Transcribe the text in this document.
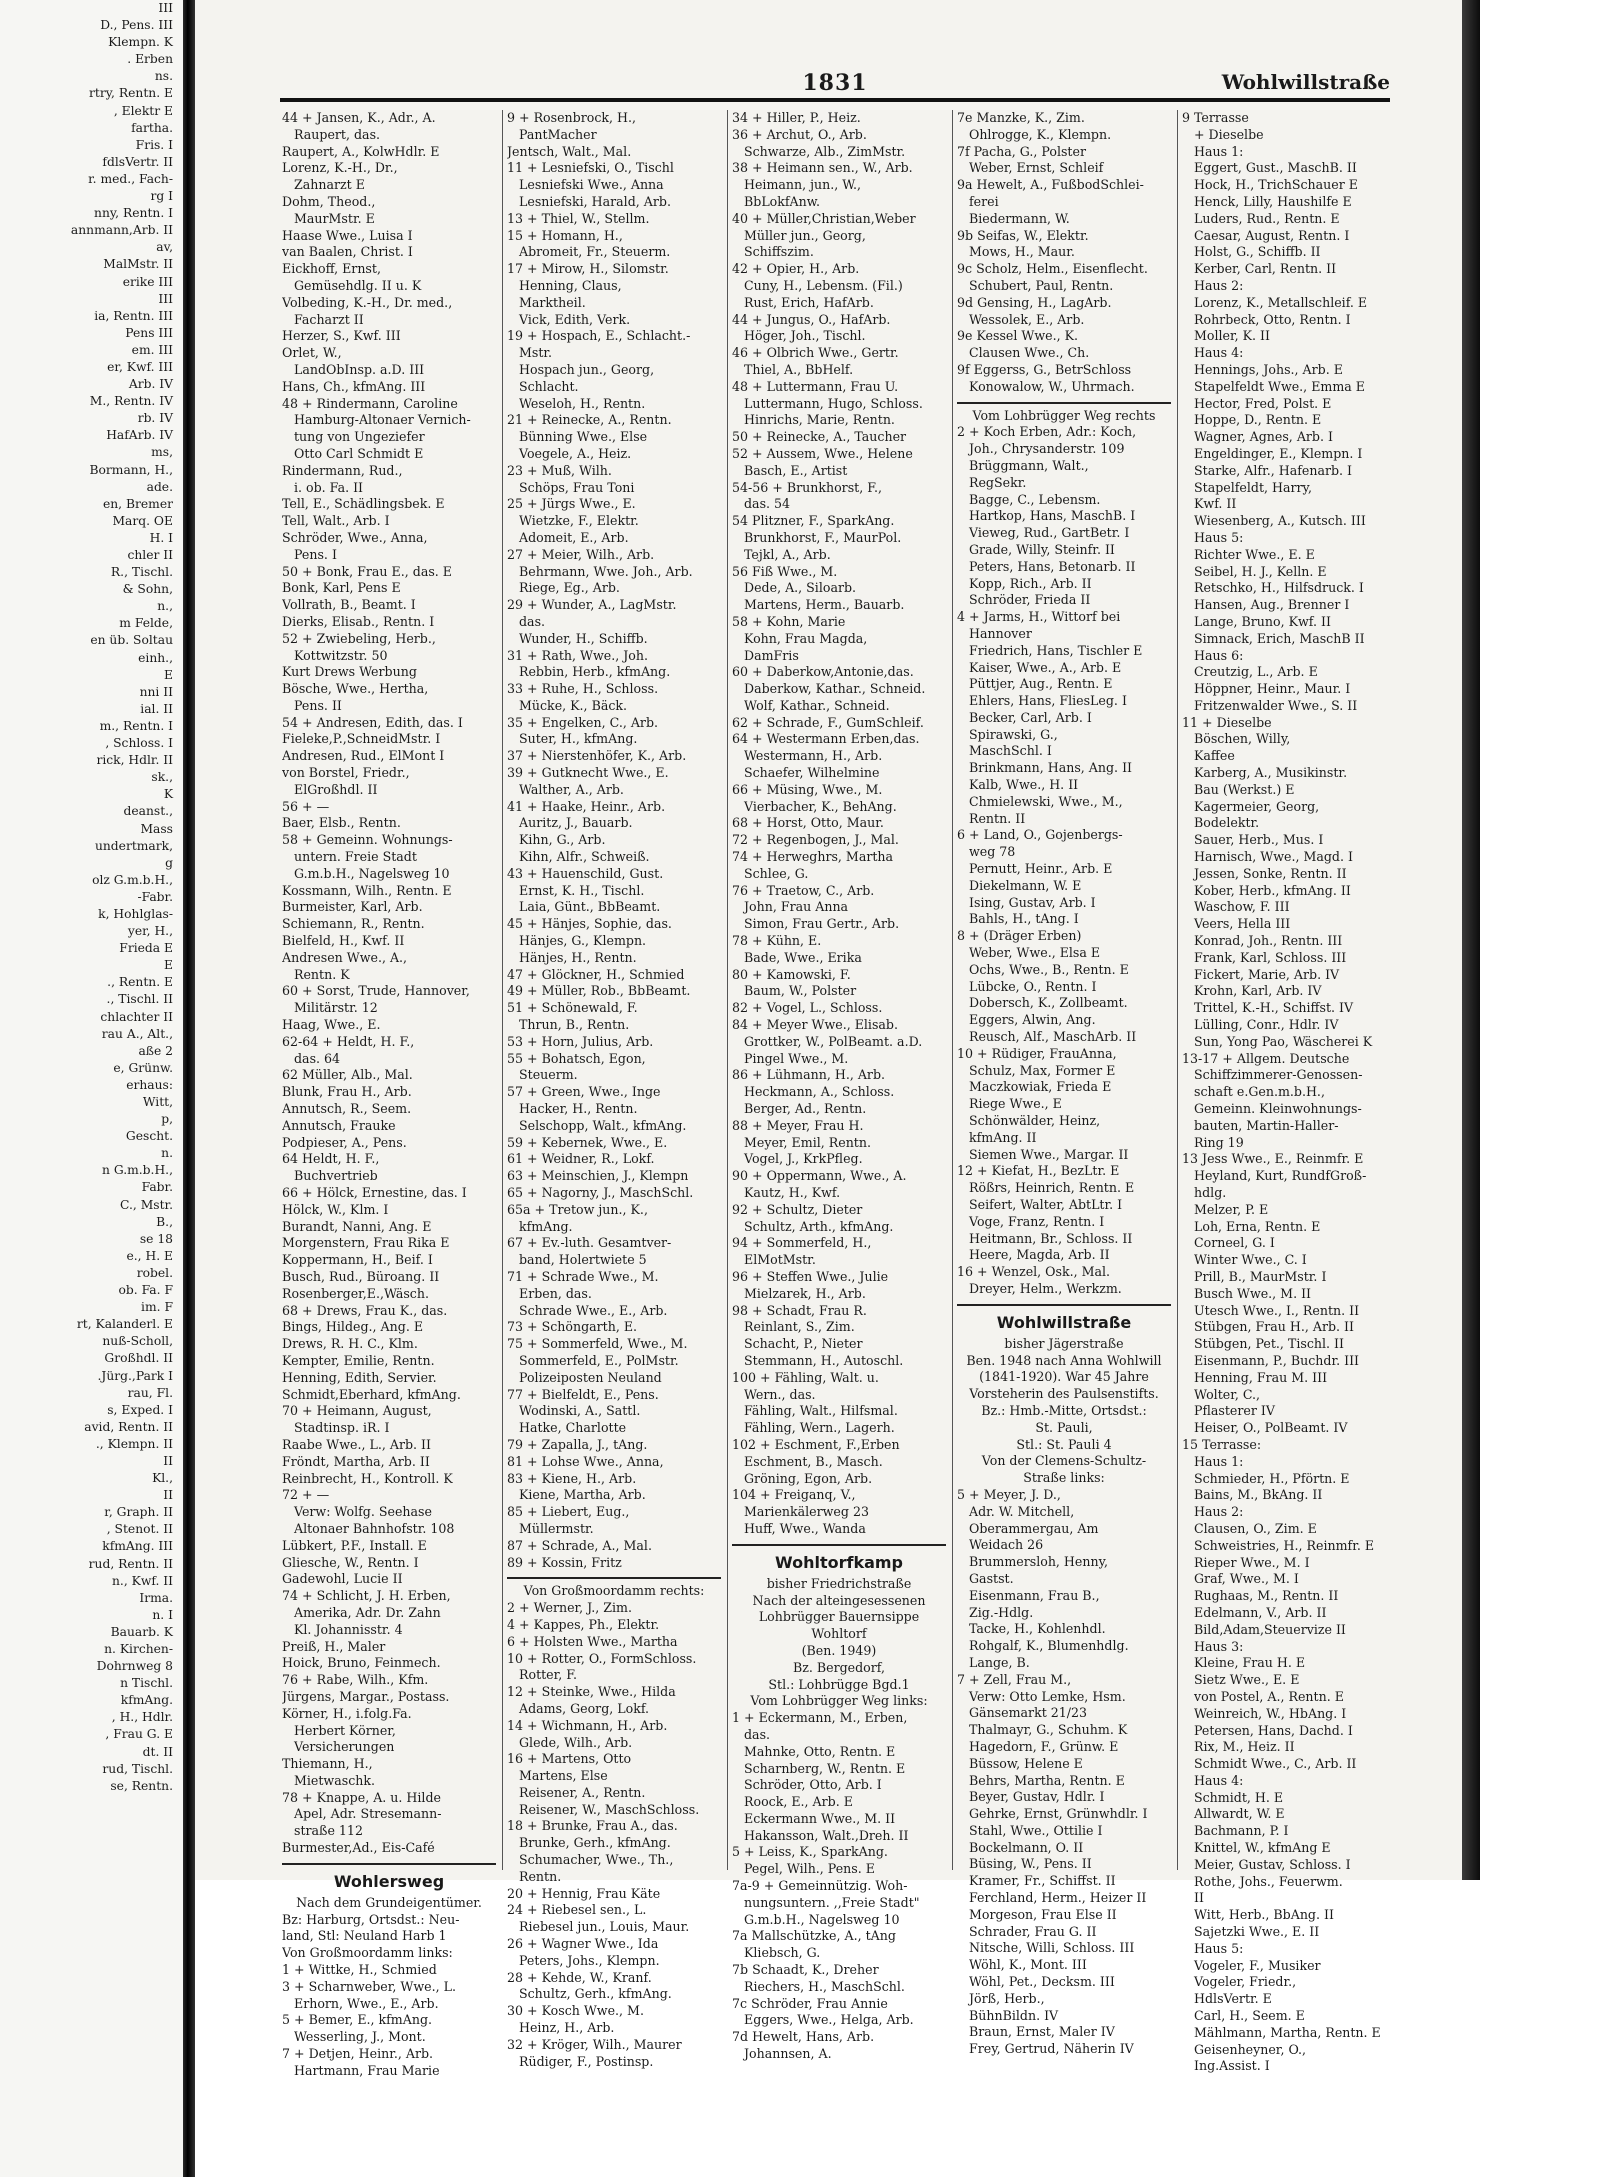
III
D., Pens. III
Klempn. K
. Erben
ns.
rtry, Rentn. E
, Elektr E
fartha.
Fris. I
fdlsVertr. II
r. med., Fach-
rg I
nny, Rentn. I
annmann,Arb. II
av,
MalMstr. II
erike III
III
ia, Rentn. III
Pens III
em. III
er, Kwf. III
Arb. IV
M., Rentn. IV
rb. IV
HafArb. IV
ms,
Bormann, H.,
ade.
en, Bremer
Marq. OE
H. I
chler II
R., Tischl.
& Sohn,
n.,
m Felde,
en üb. Soltau
einh.,
E
nni II
ial. II
m., Rentn. I
, Schloss. I
rick, Hdlr. II
sk.,
K
deanst.,
Mass
undertmark,
g
olz G.m.b.H.,
-Fabr.
k, Hohlglas-
yer, H.,
Frieda E
E
., Rentn. E
., Tischl. II
chlachter II
rau A., Alt.,
aße 2
e, Grünw.
erhaus:
Witt,
p,
Gescht.
n.
n G.m.b.H.,
Fabr.
C., Mstr.
B.,
se 18
e., H. E
robel.
ob. Fa. F
im. F
rt, Kalanderl. E
nuß-Scholl,
Großhdl. II
.Jürg.,Park I
rau, Fl.
s, Exped. I
avid, Rentn. II
., Klempn. II
II
Kl.,
II
r, Graph. II
, Stenot. II
kfmAng. III
rud, Rentn. II
n., Kwf. II
Irma.
n. I
Bauarb. K
n. Kirchen-
Dohrnweg 8
n Tischl.
kfmAng.
, H., Hdlr.
, Frau G. E
dt. II
rud, Tischl.
se, Rentn.
1831	Wohlwillstraße
44 + Jansen, K., Adr., A.
Raupert, das.
Raupert, A., KolwHdlr. E
Lorenz, K.-H., Dr.,
Zahnarzt E
Dohm, Theod.,
MaurMstr. E
Haase Wwe., Luisa I
van Baalen, Christ. I
Eickhoff, Ernst,
Gemüsehdlg. II u. K
Volbeding, K.-H., Dr. med.,
Facharzt II
Herzer, S., Kwf. III
Orlet, W.,
LandObInsp. a.D. III
Hans, Ch., kfmAng. III
48 + Rindermann, Caroline
Hamburg-Altonaer Vernich-
tung von Ungeziefer
Otto Carl Schmidt E
Rindermann, Rud.,
i. ob. Fa. II
Tell, E., Schädlingsbek. E
Tell, Walt., Arb. I
Schröder, Wwe., Anna,
Pens. I
50 + Bonk, Frau E., das. E
Bonk, Karl, Pens E
Vollrath, B., Beamt. I
Dierks, Elisab., Rentn. I
52 + Zwiebeling, Herb.,
Kottwitzstr. 50
Kurt Drews Werbung
Bösche, Wwe., Hertha,
Pens. II
54 + Andresen, Edith, das. I
Fieleke,P.,SchneidMstr. I
Andresen, Rud., ElMont I
von Borstel, Friedr.,
ElGroßhdl. II
56 + —
Baer, Elsb., Rentn.
58 + Gemeinn. Wohnungs-
untern. Freie Stadt
G.m.b.H., Nagelsweg 10
Kossmann, Wilh., Rentn. E
Burmeister, Karl, Arb.
Schiemann, R., Rentn.
Bielfeld, H., Kwf. II
Andresen Wwe., A.,
Rentn. K
60 + Sorst, Trude, Hannover,
Militärstr. 12
Haag, Wwe., E.
62-64 + Heldt, H. F.,
das. 64
62 Müller, Alb., Mal.
Blunk, Frau H., Arb.
Annutsch, R., Seem.
Annutsch, Frauke
Podpieser, A., Pens.
64 Heldt, H. F.,
Buchvertrieb
66 + Hölck, Ernestine, das. I
Hölck, W., Klm. I
Burandt, Nanni, Ang. E
Morgenstern, Frau Rika E
Koppermann, H., Beif. I
Busch, Rud., Büroang. II
Rosenberger,E.,Wäsch.
68 + Drews, Frau K., das.
Bings, Hildeg., Ang. E
Drews, R. H. C., Klm.
Kempter, Emilie, Rentn.
Henning, Edith, Servier.
Schmidt,Eberhard, kfmAng.
70 + Heimann, August,
Stadtinsp. iR. I
Raabe Wwe., L., Arb. II
Fröndt, Martha, Arb. II
Reinbrecht, H., Kontroll. K
72 + —
Verw: Wolfg. Seehase
Altonaer Bahnhofstr. 108
Lübkert, P.F., Install. E
Gliesche, W., Rentn. I
Gadewohl, Lucie II
74 + Schlicht, J. H. Erben,
Amerika, Adr. Dr. Zahn
Kl. Johannisstr. 4
Preiß, H., Maler
Hoick, Bruno, Feinmech.
76 + Rabe, Wilh., Kfm.
Jürgens, Margar., Postass.
Körner, H., i.folg.Fa.
Herbert Körner,
Versicherungen
Thiemann, H.,
Mietwaschk.
78 + Knappe, A. u. Hilde
Apel, Adr. Stresemann-
straße 112
Burmester,Ad., Eis-Café
Wohlersweg
Nach dem Grundeigentümer.
Bz: Harburg, Ortsdst.: Neu-
land, Stl: Neuland Harb 1
Von Großmoordamm links:
1 + Wittke, H., Schmied
3 + Scharnweber, Wwe., L.
Erhorn, Wwe., E., Arb.
5 + Bemer, E., kfmAng.
Wesserling, J., Mont.
7 + Detjen, Heinr., Arb.
Hartmann, Frau Marie
9 + Rosenbrock, H.,
PantMacher
Jentsch, Walt., Mal.
11 + Lesniefski, O., Tischl
Lesniefski Wwe., Anna
Lesniefski, Harald, Arb.
13 + Thiel, W., Stellm.
15 + Homann, H.,
Abromeit, Fr., Steuerm.
17 + Mirow, H., Silomstr.
Henning, Claus,
Marktheil.
Vick, Edith, Verk.
19 + Hospach, E., Schlacht.-
Mstr.
Hospach jun., Georg,
Schlacht.
Weseloh, H., Rentn.
21 + Reinecke, A., Rentn.
Bünning Wwe., Else
Voegele, A., Heiz.
23 + Muß, Wilh.
Schöps, Frau Toni
25 + Jürgs Wwe., E.
Wietzke, F., Elektr.
Adomeit, E., Arb.
27 + Meier, Wilh., Arb.
Behrmann, Wwe. Joh., Arb.
Riege, Eg., Arb.
29 + Wunder, A., LagMstr.
das.
Wunder, H., Schiffb.
31 + Rath, Wwe., Joh.
Rebbin, Herb., kfmAng.
33 + Ruhe, H., Schloss.
Mücke, K., Bäck.
35 + Engelken, C., Arb.
Suter, H., kfmAng.
37 + Nierstenhöfer, K., Arb.
39 + Gutknecht Wwe., E.
Walther, A., Arb.
41 + Haake, Heinr., Arb.
Auritz, J., Bauarb.
Kihn, G., Arb.
Kihn, Alfr., Schweiß.
43 + Hauenschild, Gust.
Ernst, K. H., Tischl.
Laia, Günt., BbBeamt.
45 + Hänjes, Sophie, das.
Hänjes, G., Klempn.
Hänjes, H., Rentn.
47 + Glöckner, H., Schmied
49 + Müller, Rob., BbBeamt.
51 + Schönewald, F.
Thrun, B., Rentn.
53 + Horn, Julius, Arb.
55 + Bohatsch, Egon,
Steuerm.
57 + Green, Wwe., Inge
Hacker, H., Rentn.
Selschopp, Walt., kfmAng.
59 + Kebernek, Wwe., E.
61 + Weidner, R., Lokf.
63 + Meinschien, J., Klempn
65 + Nagorny, J., MaschSchl.
65a + Tretow jun., K.,
kfmAng.
67 + Ev.-luth. Gesamtver-
band, Holertwiete 5
71 + Schrade Wwe., M.
Erben, das.
Schrade Wwe., E., Arb.
73 + Schöngarth, E.
75 + Sommerfeld, Wwe., M.
Sommerfeld, E., PolMstr.
Polizeiposten Neuland
77 + Bielfeldt, E., Pens.
Wodinski, A., Sattl.
Hatke, Charlotte
79 + Zapalla, J., tAng.
81 + Lohse Wwe., Anna,
83 + Kiene, H., Arb.
Kiene, Martha, Arb.
85 + Liebert, Eug.,
Müllermstr.
87 + Schrade, A., Mal.
89 + Kossin, Fritz
Von Großmoordamm rechts:
2 + Werner, J., Zim.
4 + Kappes, Ph., Elektr.
6 + Holsten Wwe., Martha
10 + Rotter, O., FormSchloss.
Rotter, F.
12 + Steinke, Wwe., Hilda
Adams, Georg, Lokf.
14 + Wichmann, H., Arb.
Glede, Wilh., Arb.
16 + Martens, Otto
Martens, Else
Reisener, A., Rentn.
Reisener, W., MaschSchloss.
18 + Brunke, Frau A., das.
Brunke, Gerh., kfmAng.
Schumacher, Wwe., Th.,
Rentn.
20 + Hennig, Frau Käte
24 + Riebesel sen., L.
Riebesel jun., Louis, Maur.
26 + Wagner Wwe., Ida
Peters, Johs., Klempn.
28 + Kehde, W., Kranf.
Schultz, Gerh., kfmAng.
30 + Kosch Wwe., M.
Heinz, H., Arb.
32 + Kröger, Wilh., Maurer
Rüdiger, F., Postinsp.
34 + Hiller, P., Heiz.
36 + Archut, O., Arb.
Schwarze, Alb., ZimMstr.
38 + Heimann sen., W., Arb.
Heimann, jun., W.,
BbLokfAnw.
40 + Müller,Christian,Weber
Müller jun., Georg,
Schiffszim.
42 + Opier, H., Arb.
Cuny, H., Lebensm. (Fil.)
Rust, Erich, HafArb.
44 + Jungus, O., HafArb.
Höger, Joh., Tischl.
46 + Olbrich Wwe., Gertr.
Thiel, A., BbHelf.
48 + Luttermann, Frau U.
Luttermann, Hugo, Schloss.
Hinrichs, Marie, Rentn.
50 + Reinecke, A., Taucher
52 + Aussem, Wwe., Helene
Basch, E., Artist
54-56 + Brunkhorst, F.,
das. 54
54 Plitzner, F., SparkAng.
Brunkhorst, F., MaurPol.
Tejkl, A., Arb.
56 Fiß Wwe., M.
Dede, A., Siloarb.
Martens, Herm., Bauarb.
58 + Kohn, Marie
Kohn, Frau Magda,
DamFris
60 + Daberkow,Antonie,das.
Daberkow, Kathar., Schneid.
Wolf, Kathar., Schneid.
62 + Schrade, F., GumSchleif.
64 + Westermann Erben,das.
Westermann, H., Arb.
Schaefer, Wilhelmine
66 + Müsing, Wwe., M.
Vierbacher, K., BehAng.
68 + Horst, Otto, Maur.
72 + Regenbogen, J., Mal.
74 + Herweghrs, Martha
Schlee, G.
76 + Traetow, C., Arb.
John, Frau Anna
Simon, Frau Gertr., Arb.
78 + Kühn, E.
Bade, Wwe., Erika
80 + Kamowski, F.
Baum, W., Polster
82 + Vogel, L., Schloss.
84 + Meyer Wwe., Elisab.
Grottker, W., PolBeamt. a.D.
Pingel Wwe., M.
86 + Lühmann, H., Arb.
Heckmann, A., Schloss.
Berger, Ad., Rentn.
88 + Meyer, Frau H.
Meyer, Emil, Rentn.
Vogel, J., KrkPfleg.
90 + Oppermann, Wwe., A.
Kautz, H., Kwf.
92 + Schultz, Dieter
Schultz, Arth., kfmAng.
94 + Sommerfeld, H.,
ElMotMstr.
96 + Steffen Wwe., Julie
Mielzarek, H., Arb.
98 + Schadt, Frau R.
Reinlant, S., Zim.
Schacht, P., Nieter
Stemmann, H., Autoschl.
100 + Fähling, Walt. u.
Wern., das.
Fähling, Walt., Hilfsmal.
Fähling, Wern., Lagerh.
102 + Eschment, F.,Erben
Eschment, B., Masch.
Gröning, Egon, Arb.
104 + Freiganq, V.,
Marienkälerweg 23
Huff, Wwe., Wanda
Wohltorfkamp
bisher Friedrichstraße
Nach der alteingesessenen
Lohbrügger Bauernsippe
Wohltorf
(Ben. 1949)
Bz. Bergedorf,
Stl.: Lohbrügge Bgd.1
Vom Lohbrügger Weg links:
1 + Eckermann, M., Erben,
das.
Mahnke, Otto, Rentn. E
Scharnberg, W., Rentn. E
Schröder, Otto, Arb. I
Roock, E., Arb. E
Eckermann Wwe., M. II
Hakansson, Walt.,Dreh. II
5 + Leiss, K., SparkAng.
Pegel, Wilh., Pens. E
7a-9 + Gemeinnützig. Woh-
nungsuntern. ,,Freie Stadt"
G.m.b.H., Nagelsweg 10
7a Mallschützke, A., tAng
Kliebsch, G.
7b Schaadt, K., Dreher
Riechers, H., MaschSchl.
7c Schröder, Frau Annie
Eggers, Wwe., Helga, Arb.
7d Hewelt, Hans, Arb.
Johannsen, A.
7e Manzke, K., Zim.
Ohlrogge, K., Klempn.
7f Pacha, G., Polster
Weber, Ernst, Schleif
9a Hewelt, A., FußbodSchlei-
ferei
Biedermann, W.
9b Seifas, W., Elektr.
Mows, H., Maur.
9c Scholz, Helm., Eisenflecht.
Schubert, Paul, Rentn.
9d Gensing, H., LagArb.
Wessolek, E., Arb.
9e Kessel Wwe., K.
Clausen Wwe., Ch.
9f Eggerss, G., BetrSchloss
Konowalow, W., Uhrmach.
Vom Lohbrügger Weg rechts
2 + Koch Erben, Adr.: Koch,
Joh., Chrysanderstr. 109
Brüggmann, Walt.,
RegSekr.
Bagge, C., Lebensm.
Hartkop, Hans, MaschB. I
Vieweg, Rud., GartBetr. I
Grade, Willy, Steinfr. II
Peters, Hans, Betonarb. II
Kopp, Rich., Arb. II
Schröder, Frieda II
4 + Jarms, H., Wittorf bei
Hannover
Friedrich, Hans, Tischler E
Kaiser, Wwe., A., Arb. E
Püttjer, Aug., Rentn. E
Ehlers, Hans, FliesLeg. I
Becker, Carl, Arb. I
Spirawski, G.,
MaschSchl. I
Brinkmann, Hans, Ang. II
Kalb, Wwe., H. II
Chmielewski, Wwe., M.,
Rentn. II
6 + Land, O., Gojenbergs-
weg 78
Pernutt, Heinr., Arb. E
Diekelmann, W. E
Ising, Gustav, Arb. I
Bahls, H., tAng. I
8 + (Dräger Erben)
Weber, Wwe., Elsa E
Ochs, Wwe., B., Rentn. E
Lübcke, O., Rentn. I
Dobersch, K., Zollbeamt.
Eggers, Alwin, Ang.
Reusch, Alf., MaschArb. II
10 + Rüdiger, FrauAnna,
Schulz, Max, Former E
Maczkowiak, Frieda E
Riege Wwe., E
Schönwälder, Heinz,
kfmAng. II
Siemen Wwe., Margar. II
12 + Kiefat, H., BezLtr. E
Rößrs, Heinrich, Rentn. E
Seifert, Walter, AbtLtr. I
Voge, Franz, Rentn. I
Heitmann, Br., Schloss. II
Heere, Magda, Arb. II
16 + Wenzel, Osk., Mal.
Dreyer, Helm., Werkzm.
Wohlwillstraße
bisher Jägerstraße
Ben. 1948 nach Anna Wohlwill
(1841-1920). War 45 Jahre
Vorsteherin des Paulsenstifts.
Bz.: Hmb.-Mitte, Ortsdst.:
St. Pauli,
Stl.: St. Pauli 4
Von der Clemens-Schultz-
Straße links:
5 + Meyer, J. D.,
Adr. W. Mitchell,
Oberammergau, Am
Weidach 26
Brummersloh, Henny,
Gastst.
Eisenmann, Frau B.,
Zig.-Hdlg.
Tacke, H., Kohlenhdl.
Rohgalf, K., Blumenhdlg.
Lange, B.
7 + Zell, Frau M.,
Verw: Otto Lemke, Hsm.
Gänsemarkt 21/23
Thalmayr, G., Schuhm. K
Hagedorn, F., Grünw. E
Büssow, Helene E
Behrs, Martha, Rentn. E
Beyer, Gustav, Hdlr. I
Gehrke, Ernst, Grünwhdlr. I
Stahl, Wwe., Ottilie I
Bockelmann, O. II
Büsing, W., Pens. II
Kramer, Fr., Schiffst. II
Ferchland, Herm., Heizer II
Morgeson, Frau Else II
Schrader, Frau G. II
Nitsche, Willi, Schloss. III
Wöhl, K., Mont. III
Wöhl, Pet., Decksm. III
Jörß, Herb.,
BühnBildn. IV
Braun, Ernst, Maler IV
Frey, Gertrud, Näherin IV
9 Terrasse
+ Dieselbe
Haus 1:
Eggert, Gust., MaschB. II
Hock, H., TrichSchauer E
Henck, Lilly, Haushilfe E
Luders, Rud., Rentn. E
Caesar, August, Rentn. I
Holst, G., Schiffb. II
Kerber, Carl, Rentn. II
Haus 2:
Lorenz, K., Metallschleif. E
Rohrbeck, Otto, Rentn. I
Moller, K. II
Haus 4:
Hennings, Johs., Arb. E
Stapelfeldt Wwe., Emma E
Hector, Fred, Polst. E
Hoppe, D., Rentn. E
Wagner, Agnes, Arb. I
Engeldinger, E., Klempn. I
Starke, Alfr., Hafenarb. I
Stapelfeldt, Harry,
Kwf. II
Wiesenberg, A., Kutsch. III
Haus 5:
Richter Wwe., E. E
Seibel, H. J., Kelln. E
Retschko, H., Hilfsdruck. I
Hansen, Aug., Brenner I
Lange, Bruno, Kwf. II
Simnack, Erich, MaschB II
Haus 6:
Creutzig, L., Arb. E
Höppner, Heinr., Maur. I
Fritzenwalder Wwe., S. II
11 + Dieselbe
Böschen, Willy,
Kaffee
Karberg, A., Musikinstr.
Bau (Werkst.) E
Kagermeier, Georg,
Bodelektr.
Sauer, Herb., Mus. I
Harnisch, Wwe., Magd. I
Jessen, Sonke, Rentn. II
Kober, Herb., kfmAng. II
Waschow, F. III
Veers, Hella III
Konrad, Joh., Rentn. III
Frank, Karl, Schloss. III
Fickert, Marie, Arb. IV
Krohn, Karl, Arb. IV
Trittel, K.-H., Schiffst. IV
Lülling, Conr., Hdlr. IV
Sun, Yong Pao, Wäscherei K
13-17 + Allgem. Deutsche
Schiffzimmerer-Genossen-
schaft e.Gen.m.b.H.,
Gemeinn. Kleinwohnungs-
bauten, Martin-Haller-
Ring 19
13 Jess Wwe., E., Reinmfr. E
Heyland, Kurt, RundfGroß-
hdlg.
Melzer, P. E
Loh, Erna, Rentn. E
Corneel, G. I
Winter Wwe., C. I
Prill, B., MaurMstr. I
Busch Wwe., M. II
Utesch Wwe., I., Rentn. II
Stübgen, Frau H., Arb. II
Stübgen, Pet., Tischl. II
Eisenmann, P., Buchdr. III
Henning, Frau M. III
Wolter, C.,
Pflasterer IV
Heiser, O., PolBeamt. IV
15 Terrasse:
Haus 1:
Schmieder, H., Pförtn. E
Bains, M., BkAng. II
Haus 2:
Clausen, O., Zim. E
Schweistries, H., Reinmfr. E
Rieper Wwe., M. I
Graf, Wwe., M. I
Rughaas, M., Rentn. II
Edelmann, V., Arb. II
Bild,Adam,Steuervize II
Haus 3:
Kleine, Frau H. E
Sietz Wwe., E. E
von Postel, A., Rentn. E
Weinreich, W., HbAng. I
Petersen, Hans, Dachd. I
Rix, M., Heiz. II
Schmidt Wwe., C., Arb. II
Haus 4:
Schmidt, H. E
Allwardt, W. E
Bachmann, P. I
Knittel, W., kfmAng E
Meier, Gustav, Schloss. I
Rothe, Johs., Feuerwm.
II
Witt, Herb., BbAng. II
Sajetzki Wwe., E. II
Haus 5:
Vogeler, F., Musiker
Vogeler, Friedr.,
HdlsVertr. E
Carl, H., Seem. E
Mählmann, Martha, Rentn. E
Geisenheyner, O.,
Ing.Assist. I
